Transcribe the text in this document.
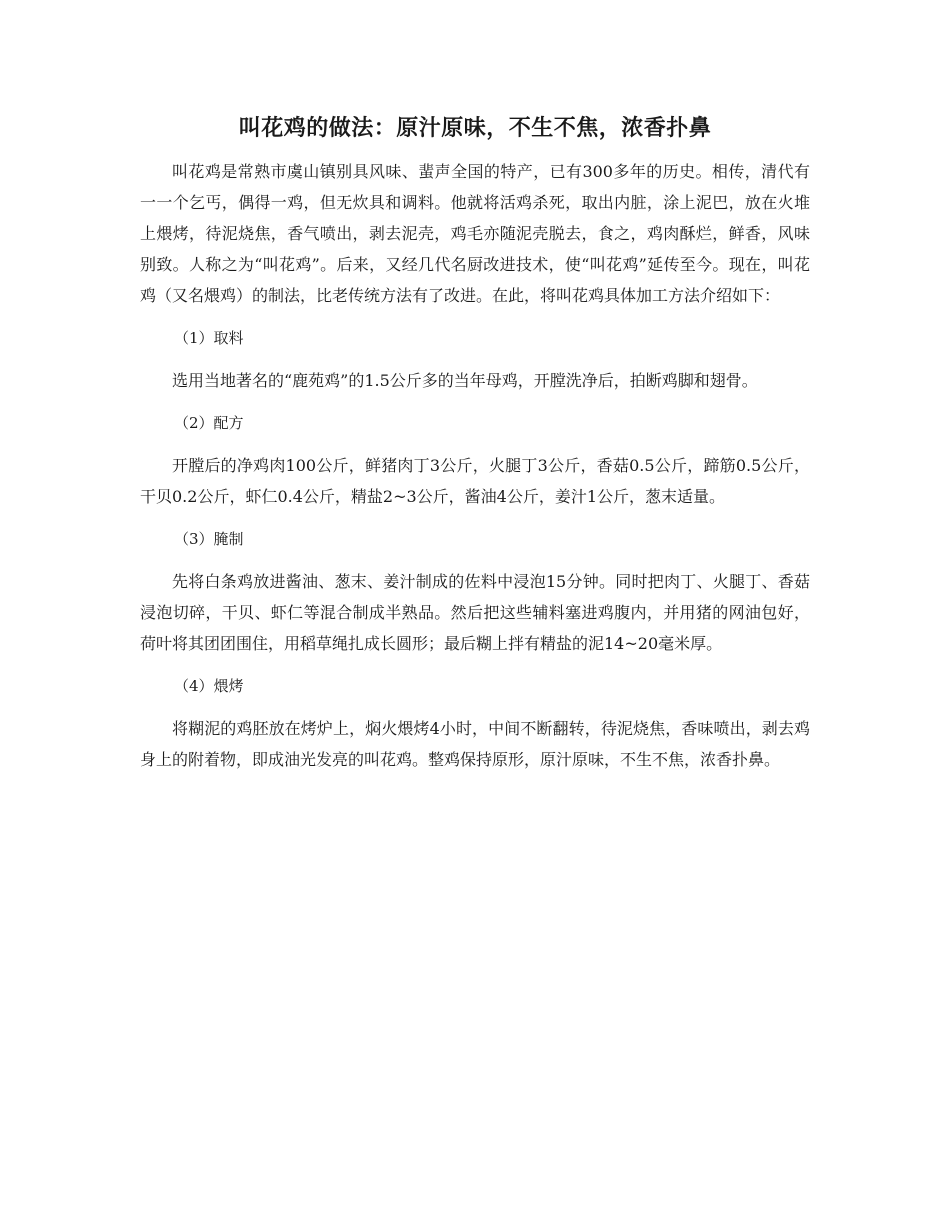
叫花鸡的做法：原汁原味，不生不焦，浓香扑鼻

叫花鸡是常熟市虞山镇别具风味、蜚声全国的特产，已有300多年的历史。相传，清代有一一个乞丐，偶得一鸡，但无炊具和调料。他就将活鸡杀死，取出内脏，涂上泥巴，放在火堆上煨烤，待泥烧焦，香气喷出，剥去泥壳，鸡毛亦随泥壳脱去，食之，鸡肉酥烂，鲜香，风味别致。人称之为“叫花鸡”。后来，又经几代名厨改进技术，使“叫花鸡”延传至今。现在，叫花鸡（又名煨鸡）的制法，比老传统方法有了改进。在此，将叫花鸡具体加工方法介绍如下：

（1）取料

选用当地著名的“鹿苑鸡”的1.5公斤多的当年母鸡，开膛洗净后，拍断鸡脚和翅骨。

（2）配方

开膛后的净鸡肉100公斤，鲜猪肉丁3公斤，火腿丁3公斤，香菇0.5公斤，蹄筋0.5公斤，干贝0.2公斤，虾仁0.4公斤，精盐2~3公斤，酱油4公斤，姜汁1公斤，葱末适量。

（3）腌制

先将白条鸡放进酱油、葱末、姜汁制成的佐料中浸泡15分钟。同时把肉丁、火腿丁、香菇浸泡切碎，干贝、虾仁等混合制成半熟品。然后把这些辅料塞进鸡腹内，并用猪的网油包好，荷叶将其团团围住，用稻草绳扎成长圆形；最后糊上拌有精盐的泥14~20毫米厚。

（4）煨烤

将糊泥的鸡胚放在烤炉上，焖火煨烤4小时，中间不断翻转，待泥烧焦，香味喷出，剥去鸡身上的附着物，即成油光发亮的叫花鸡。整鸡保持原形，原汁原味，不生不焦，浓香扑鼻。
